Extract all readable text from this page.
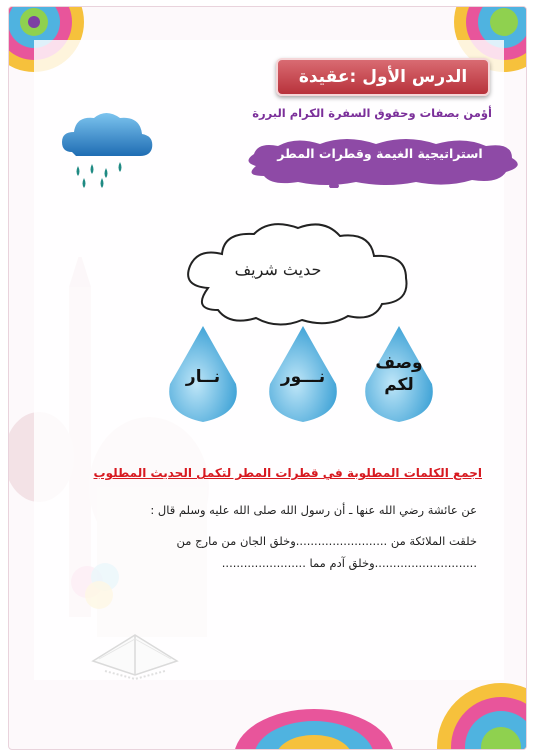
الدرس الأول :عقيدة
أؤمن بصفات وحقوق السفرة الكرام البررة
استراتيجية الغيمة وقطرات المطر
حديث شريف
وصف
لكم
نـــور
نــار
اجمع الكلمات المطلوبة في قطرات المطر لتكمل الحديث المطلوب
عن عائشة رضي الله عنها ـ أن رسول الله صلى الله عليه وسلم قال :
خلقت الملائكة من .........................وخلق الجان من مارج من
............................وخلق آدم مما .......................
